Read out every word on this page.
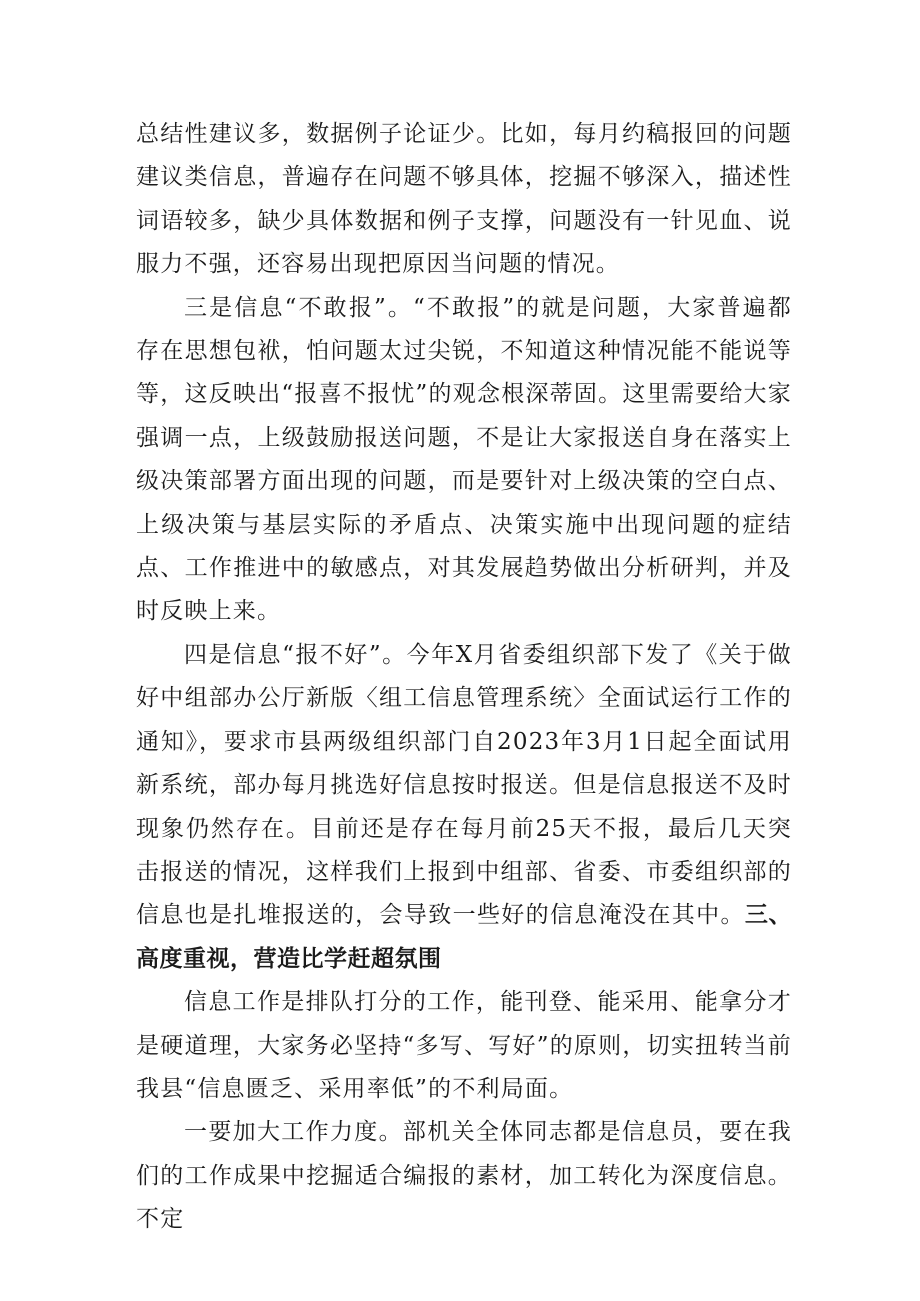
总结性建议多，数据例子论证少。比如，每月约稿报回的问题建议类信息，普遍存在问题不够具体，挖掘不够深入，描述性词语较多，缺少具体数据和例子支撑，问题没有一针见血、说服力不强，还容易出现把原因当问题的情况。

三是信息“不敢报”。“不敢报”的就是问题，大家普遍都存在思想包袱，怕问题太过尖锐，不知道这种情况能不能说等等，这反映出“报喜不报忧”的观念根深蒂固。这里需要给大家强调一点，上级鼓励报送问题，不是让大家报送自身在落实上级决策部署方面出现的问题，而是要针对上级决策的空白点、上级决策与基层实际的矛盾点、决策实施中出现问题的症结点、工作推进中的敏感点，对其发展趋势做出分析研判，并及时反映上来。

四是信息“报不好”。今年X月省委组织部下发了《关于做好中组部办公厅新版〈组工信息管理系统〉全面试运行工作的通知》，要求市县两级组织部门自2023年3月1日起全面试用新系统，部办每月挑选好信息按时报送。但是信息报送不及时现象仍然存在。目前还是存在每月前25天不报，最后几天突击报送的情况，这样我们上报到中组部、省委、市委组织部的信息也是扎堆报送的，会导致一些好的信息淹没在其中。三、高度重视，营造比学赶超氛围

信息工作是排队打分的工作，能刊登、能采用、能拿分才是硬道理，大家务必坚持“多写、写好”的原则，切实扭转当前我县“信息匮乏、采用率低”的不利局面。

一要加大工作力度。部机关全体同志都是信息员，要在我们的工作成果中挖掘适合编报的素材，加工转化为深度信息。不定
